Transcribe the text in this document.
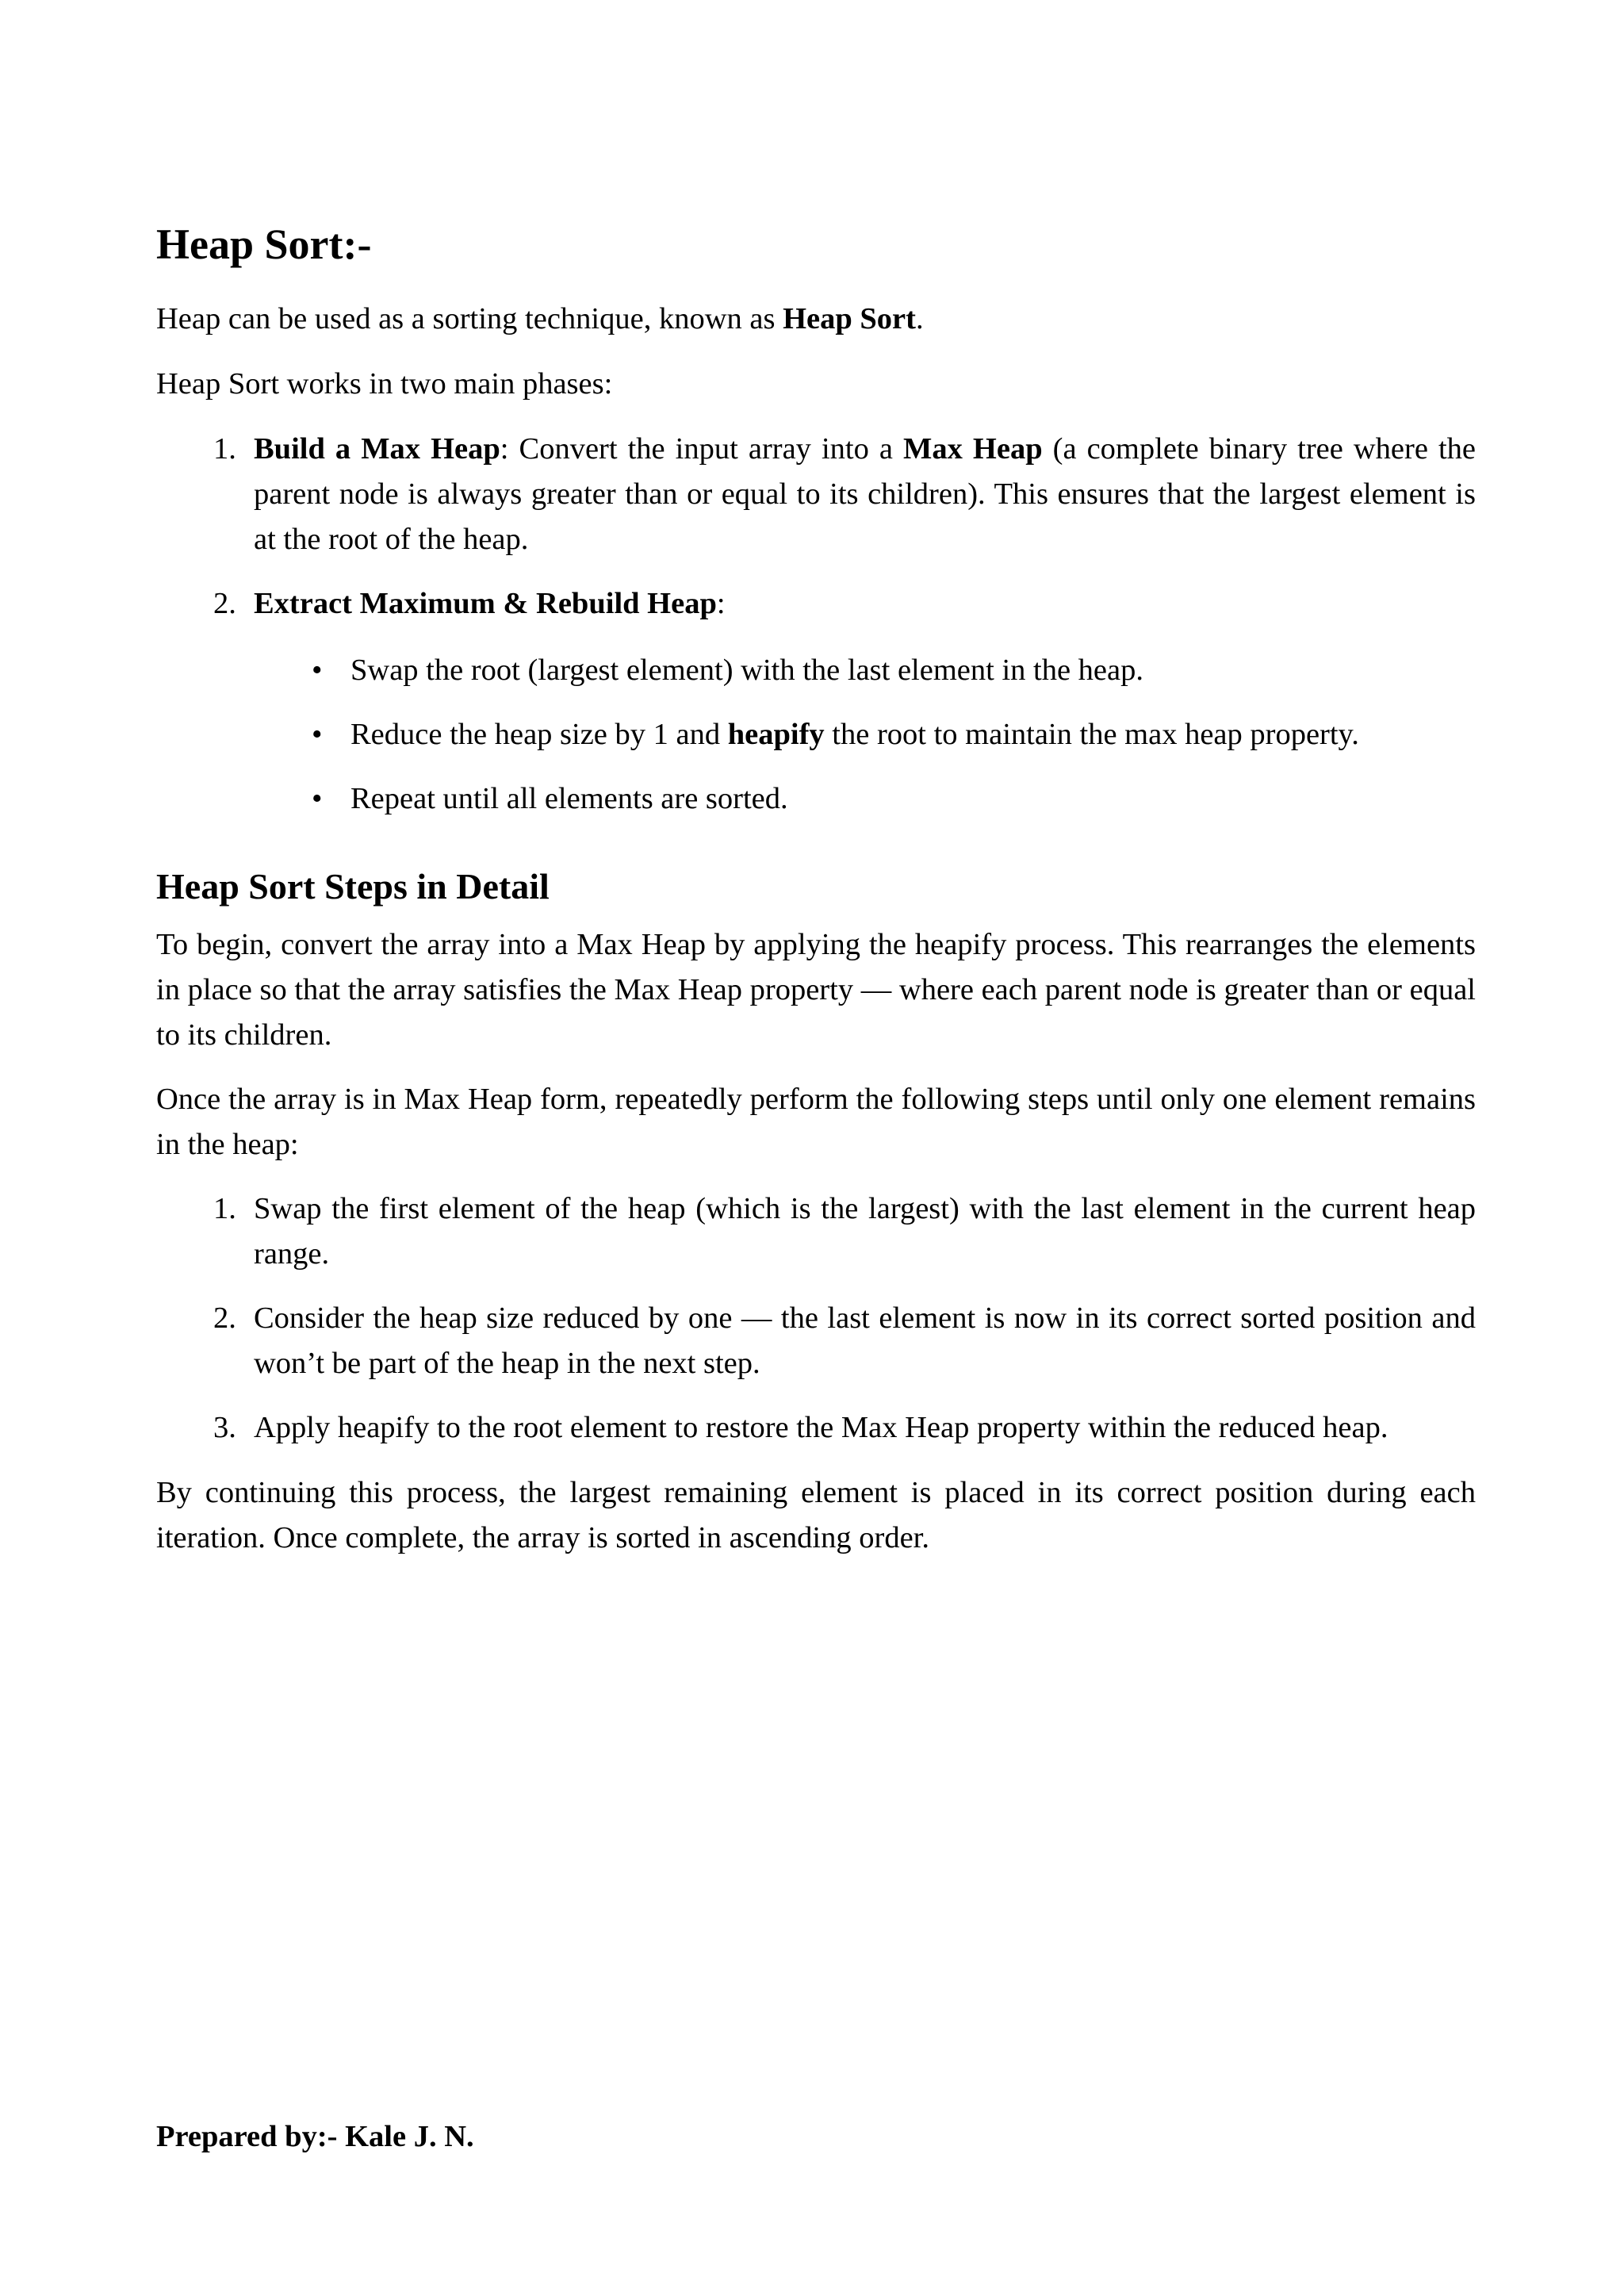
Heap Sort:-

Heap can be used as a sorting technique, known as Heap Sort.

Heap Sort works in two main phases:

1. Build a Max Heap: Convert the input array into a Max Heap (a complete binary tree where the parent node is always greater than or equal to its children). This ensures that the largest element is at the root of the heap.
2. Extract Maximum & Rebuild Heap:
• Swap the root (largest element) with the last element in the heap.
• Reduce the heap size by 1 and heapify the root to maintain the max heap property.
• Repeat until all elements are sorted.
Heap Sort Steps in Detail

To begin, convert the array into a Max Heap by applying the heapify process. This rearranges the elements in place so that the array satisfies the Max Heap property — where each parent node is greater than or equal to its children.

Once the array is in Max Heap form, repeatedly perform the following steps until only one element remains in the heap:

1. Swap the first element of the heap (which is the largest) with the last element in the current heap range.
2. Consider the heap size reduced by one — the last element is now in its correct sorted position and won’t be part of the heap in the next step.
3. Apply heapify to the root element to restore the Max Heap property within the reduced heap.

By continuing this process, the largest remaining element is placed in its correct position during each iteration. Once complete, the array is sorted in ascending order.

Prepared by:- Kale J. N.
